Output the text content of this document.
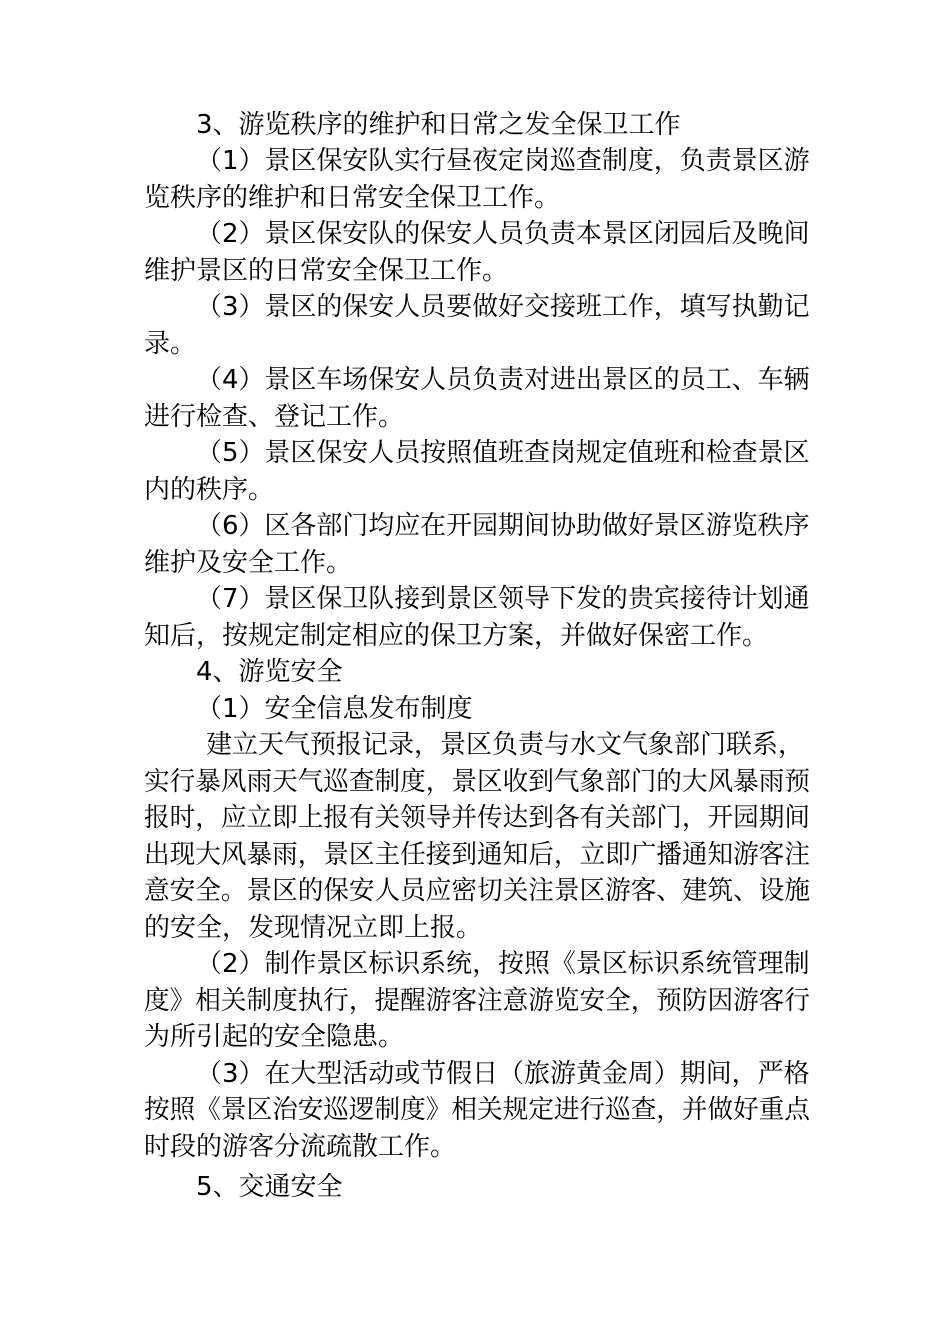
3、游览秩序的维护和日常之发全保卫工作
（1）景区保安队实行昼夜定岗巡查制度，负责景区游
览秩序的维护和日常安全保卫工作。
（2）景区保安队的保安人员负责本景区闭园后及晚间
维护景区的日常安全保卫工作。
（3）景区的保安人员要做好交接班工作，填写执勤记
录。
（4）景区车场保安人员负责对进出景区的员工、车辆
进行检查、登记工作。
（5）景区保安人员按照值班查岗规定值班和检查景区
内的秩序。
（6）区各部门均应在开园期间协助做好景区游览秩序
维护及安全工作。
（7）景区保卫队接到景区领导下发的贵宾接待计划通
知后，按规定制定相应的保卫方案，并做好保密工作。
4、游览安全
（1）安全信息发布制度
建立天气预报记录，景区负责与水文气象部门联系，
实行暴风雨天气巡查制度，景区收到气象部门的大风暴雨预
报时，应立即上报有关领导并传达到各有关部门，开园期间
出现大风暴雨，景区主任接到通知后，立即广播通知游客注
意安全。景区的保安人员应密切关注景区游客、建筑、设施
的安全，发现情况立即上报。
（2）制作景区标识系统，按照《景区标识系统管理制
度》相关制度执行，提醒游客注意游览安全，预防因游客行
为所引起的安全隐患。
（3）在大型活动或节假日（旅游黄金周）期间，严格
按照《景区治安巡逻制度》相关规定进行巡查，并做好重点
时段的游客分流疏散工作。
5、交通安全
